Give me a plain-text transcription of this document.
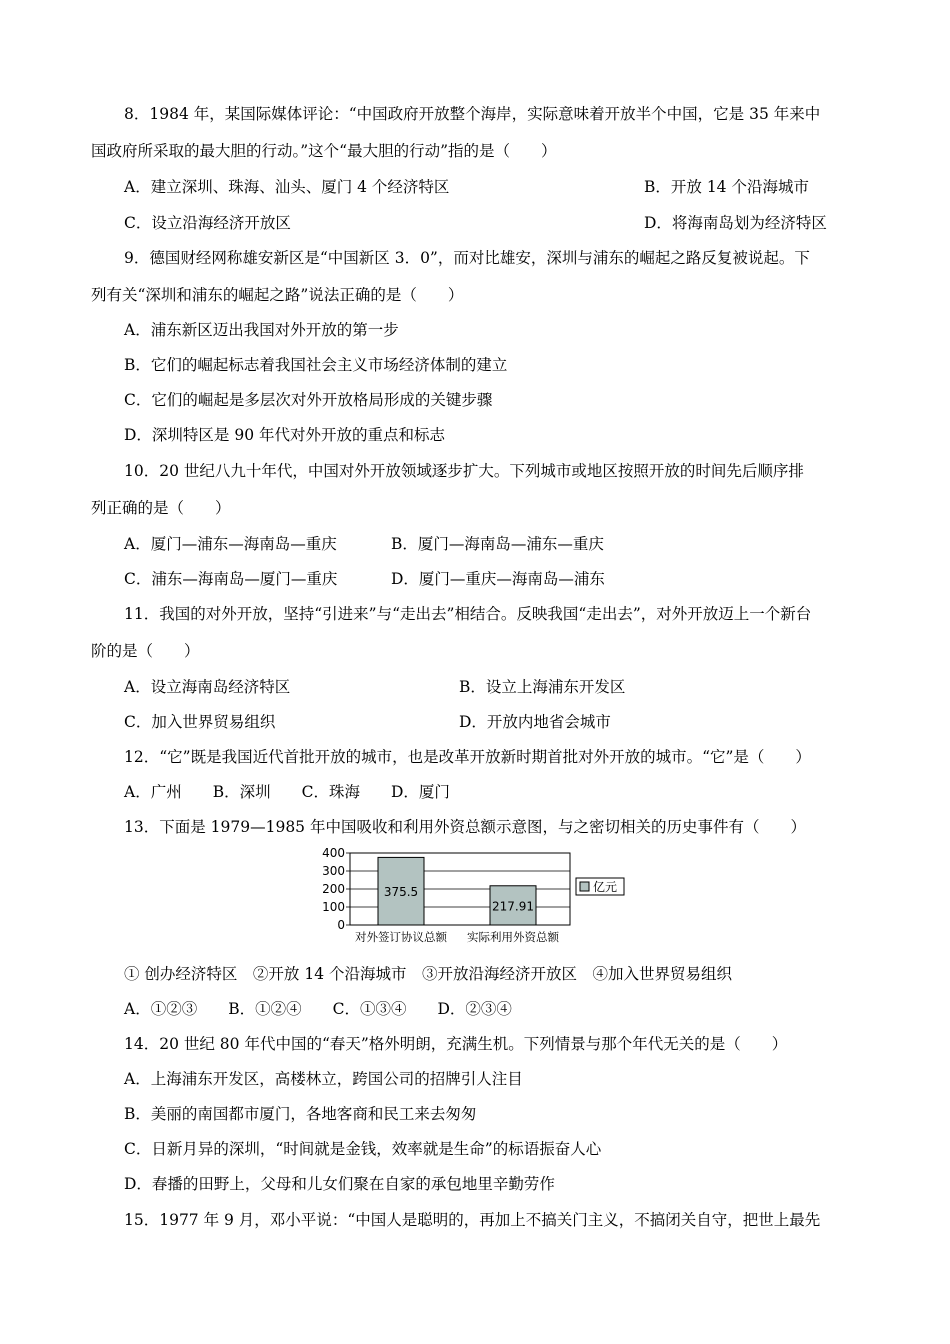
8．1984 年，某国际媒体评论：“中国政府开放整个海岸，实际意味着开放半个中国，它是 35 年来中
国政府所采取的最大胆的行动。”这个“最大胆的行动”指的是（　　）
A．建立深圳、珠海、汕头、厦门 4 个经济特区	B．开放 14 个沿海城市
C．设立沿海经济开放区	D．将海南岛划为经济特区
9．德国财经网称雄安新区是“中国新区 3．0”，而对比雄安，深圳与浦东的崛起之路反复被说起。下
列有关“深圳和浦东的崛起之路”说法正确的是（　　）
A．浦东新区迈出我国对外开放的第一步
B．它们的崛起标志着我国社会主义市场经济体制的建立
C．它们的崛起是多层次对外开放格局形成的关键步骤
D．深圳特区是 90 年代对外开放的重点和标志
10．20 世纪八九十年代，中国对外开放领域逐步扩大。下列城市或地区按照开放的时间先后顺序排
列正确的是（　　）
A．厦门—浦东—海南岛—重庆	B．厦门—海南岛—浦东—重庆
C．浦东—海南岛—厦门—重庆	D．厦门—重庆—海南岛—浦东
11．我国的对外开放，坚持“引进来”与“走出去”相结合。反映我国“走出去”，对外开放迈上一个新台
阶的是（　　）
A．设立海南岛经济特区	B．设立上海浦东开发区
C．加入世界贸易组织	D．开放内地省会城市
12．“它”既是我国近代首批开放的城市，也是改革开放新时期首批对外开放的城市。“它”是（　　）
A．广州　　B．深圳　　C．珠海　　D．厦门
13．下面是 1979—1985 年中国吸收和利用外资总额示意图，与之密切相关的历史事件有（　　）
0
100
200
300
400
375.5
对外签订协议总额
217.91
实际利用外资总额
亿元
① 创办经济特区　②开放 14 个沿海城市　③开放沿海经济开放区　④加入世界贸易组织
A．①②③　　B．①②④　　C．①③④　　D．②③④
14．20 世纪 80 年代中国的“春天”格外明朗，充满生机。下列情景与那个年代无关的是（　　）
A．上海浦东开发区，高楼林立，跨国公司的招牌引人注目
B．美丽的南国都市厦门，各地客商和民工来去匆匆
C．日新月异的深圳，“时间就是金钱，效率就是生命”的标语振奋人心
D．春播的田野上，父母和儿女们聚在自家的承包地里辛勤劳作
15．1977 年 9 月，邓小平说：“中国人是聪明的，再加上不搞关门主义，不搞闭关自守，把世上最先
